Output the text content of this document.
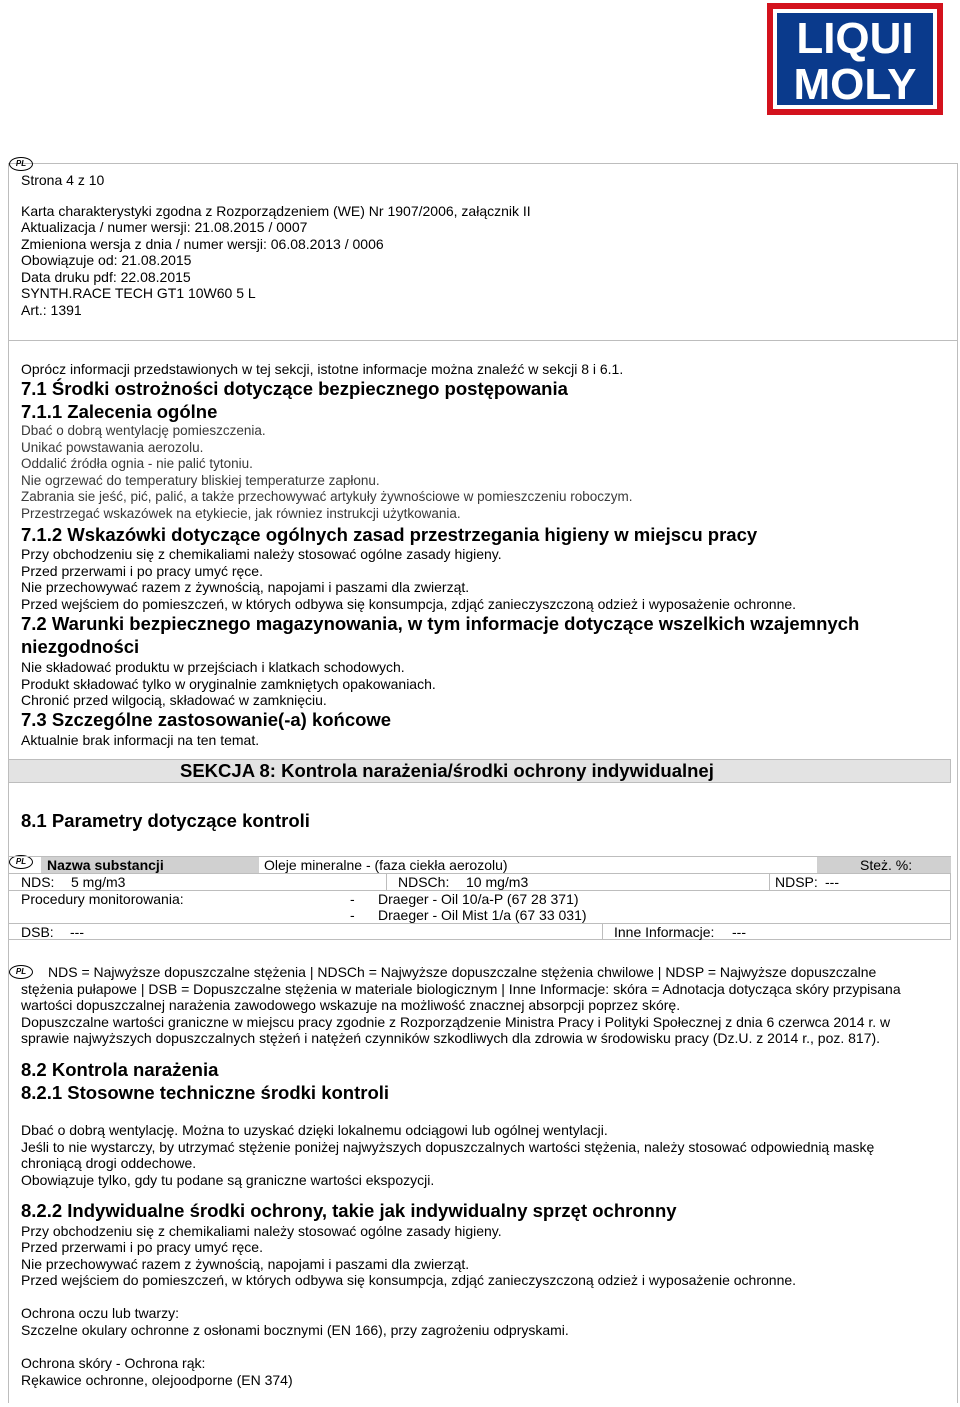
LIQUI
MOLY
PL
Strona 4 z 10
Karta charakterystyki zgodna z Rozporządzeniem (WE) Nr 1907/2006, załącznik II
Aktualizacja / numer wersji: 21.08.2015 / 0007
Zmieniona wersja z dnia / numer wersji: 06.08.2013 / 0006
Obowiązuje od: 21.08.2015
Data druku pdf: 22.08.2015
SYNTH.RACE TECH GT1 10W60 5 L
Art.: 1391
Oprócz informacji przedstawionych w tej sekcji, istotne informacje można znaleźć w sekcji 8 i 6.1.
7.1 Środki ostrożności dotyczące bezpiecznego postępowania
7.1.1 Zalecenia ogólne
Dbać o dobrą wentylację pomieszczenia.
Unikać powstawania aerozolu.
Oddalić źródła ognia - nie palić tytoniu.
Nie ogrzewać do temperatury bliskiej temperaturze zapłonu.
Zabrania sie jeść, pić, palić, a także przechowywać artykuły żywnościowe w pomieszczeniu roboczym.
Przestrzegać wskazówek na etykiecie, jak równiez instrukcji użytkowania.
7.1.2 Wskazówki dotyczące ogólnych zasad przestrzegania higieny w miejscu pracy
Przy obchodzeniu się z chemikaliami należy stosować ogólne zasady higieny.
Przed przerwami i po pracy umyć ręce.
Nie przechowywać razem z żywnością, napojami i paszami dla zwierząt.
Przed wejściem do pomieszczeń, w których odbywa się konsumpcja, zdjąć zanieczyszczoną odzież i wyposażenie ochronne.
7.2 Warunki bezpiecznego magazynowania, w tym informacje dotyczące wszelkich wzajemnych
niezgodności
Nie składować produktu w przejściach i klatkach schodowych.
Produkt składować tylko w oryginalnie zamkniętych opakowaniach.
Chronić przed wilgocią, składować w zamknięciu.
7.3 Szczególne zastosowanie(-a) końcowe
Aktualnie brak informacji na ten temat.
SEKCJA 8: Kontrola narażenia/środki ochrony indywidualnej
8.1 Parametry dotyczące kontroli
PL	Nazwa substancji	Oleje mineralne - (faza ciekła aerozolu)	Steż. %:
NDS: 5 mg/m3	NDSCh: 10 mg/m3	NDSP: ---
Procedury monitorowania:	- Draeger - Oil 10/a-P (67 28 371)
- Draeger - Oil Mist 1/a (67 33 031)
DSB: ---	Inne Informacje: ---
PL	NDS = Najwyższe dopuszczalne stężenia | NDSCh = Najwyższe dopuszczalne stężenia chwilowe | NDSP = Najwyższe dopuszczalne
stężenia pułapowe | DSB = Dopuszczalne stężenia w materiale biologicznym | Inne Informacje: skóra = Adnotacja dotycząca skóry przypisana
wartości dopuszczalnej narażenia zawodowego wskazuje na możliwość znacznej absorpcji poprzez skórę.
Dopuszczalne wartości graniczne w miejscu pracy zgodnie z Rozporządzenie Ministra Pracy i Polityki Społecznej z dnia 6 czerwca 2014 r. w
sprawie najwyższych dopuszczalnych stężeń i natężeń czynników szkodliwych dla zdrowia w środowisku pracy (Dz.U. z 2014 r., poz. 817).
8.2 Kontrola narażenia
8.2.1 Stosowne techniczne środki kontroli
Dbać o dobrą wentylację. Można to uzyskać dzięki lokalnemu odciągowi lub ogólnej wentylacji.
Jeśli to nie wystarczy, by utrzymać stężenie poniżej najwyższych dopuszczalnych wartości stężenia, należy stosować odpowiednią maskę
chroniącą drogi oddechowe.
Obowiązuje tylko, gdy tu podane są graniczne wartości ekspozycji.
8.2.2 Indywidualne środki ochrony, takie jak indywidualny sprzęt ochronny
Przy obchodzeniu się z chemikaliami należy stosować ogólne zasady higieny.
Przed przerwami i po pracy umyć ręce.
Nie przechowywać razem z żywnością, napojami i paszami dla zwierząt.
Przed wejściem do pomieszczeń, w których odbywa się konsumpcja, zdjąć zanieczyszczoną odzież i wyposażenie ochronne.
Ochrona oczu lub twarzy:
Szczelne okulary ochronne z osłonami bocznymi (EN 166), przy zagrożeniu odpryskami.
Ochrona skóry - Ochrona rąk:
Rękawice ochronne, olejoodporne (EN 374)
